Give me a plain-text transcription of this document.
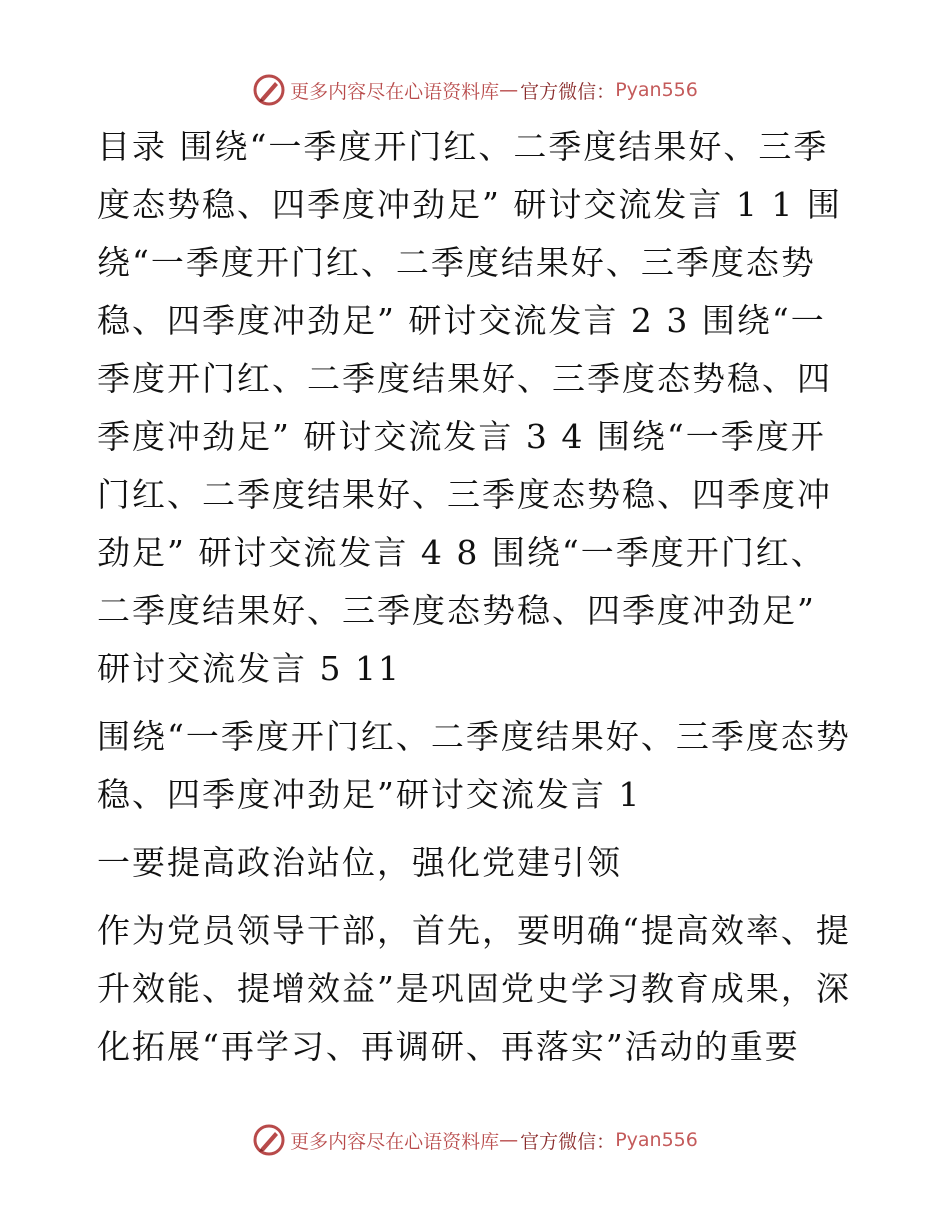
更多内容尽在心语资料库 — 官方微信： Pyan556

目录 围绕“一季度开门红、二季度结果好、三季度态势稳、四季度冲劲足” 研讨交流发言 1 1 围绕“一季度开门红、二季度结果好、三季度态势稳、四季度冲劲足” 研讨交流发言 2 3 围绕“一季度开门红、二季度结果好、三季度态势稳、四季度冲劲足” 研讨交流发言 3 4 围绕“一季度开门红、二季度结果好、三季度态势稳、四季度冲劲足” 研讨交流发言 4 8 围绕“一季度开门红、二季度结果好、三季度态势稳、四季度冲劲足” 研讨交流发言 5 11

围绕“一季度开门红、二季度结果好、三季度态势稳、四季度冲劲足”研讨交流发言 1

一要提高政治站位，强化党建引领

作为党员领导干部，首先，要明确“提高效率、提升效能、提增效益”是巩固党史学习教育成果，深化拓展“再学习、再调研、再落实”活动的重要

更多内容尽在心语资料库 — 官方微信： Pyan556
